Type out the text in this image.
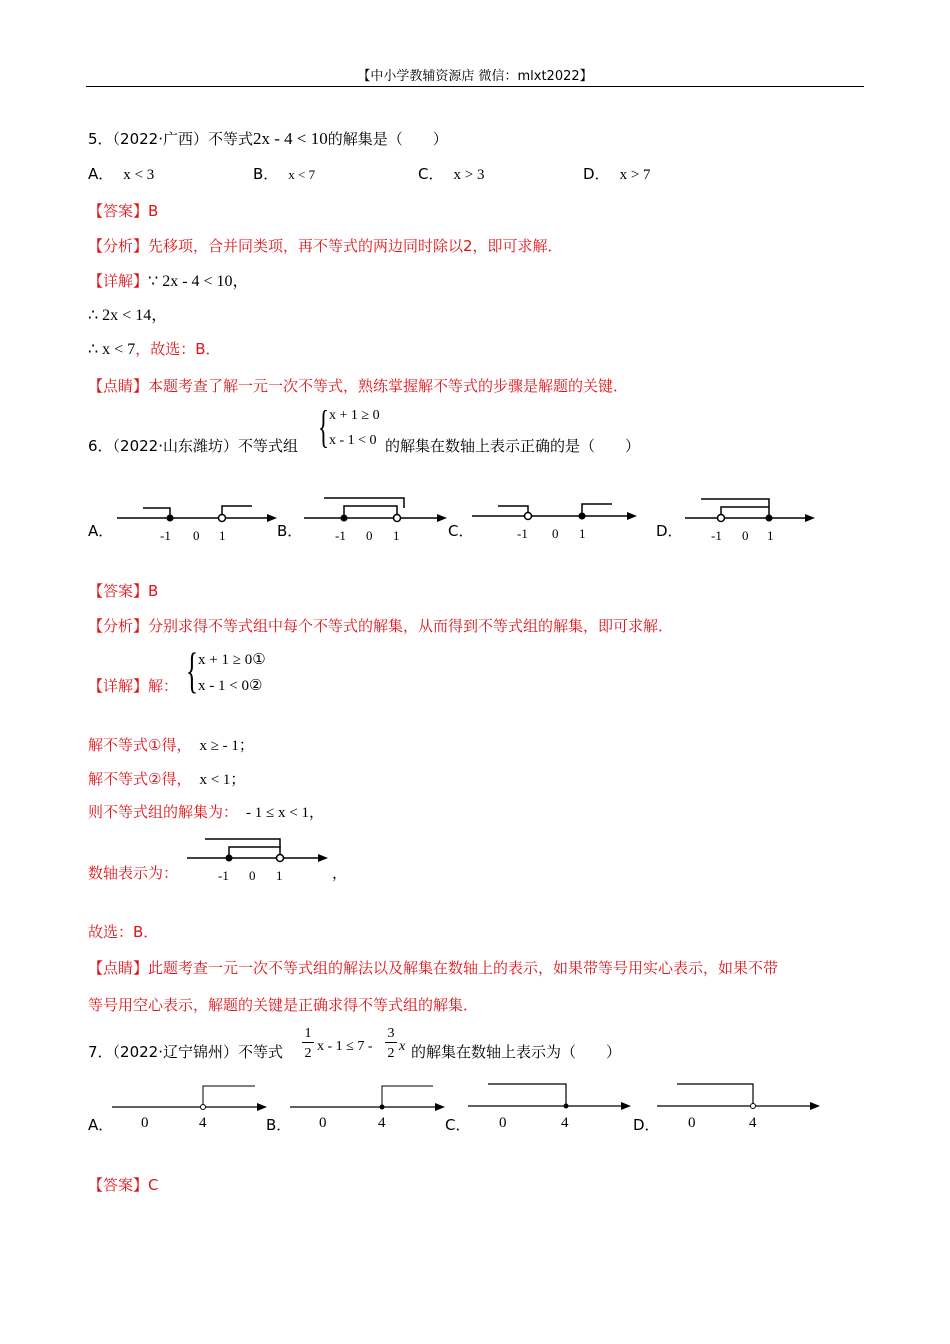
【中小学教辅资源店 微信：mlxt2022】
5．（2022·广西）不等式2x - 4 < 10的解集是（　　）
A． x < 3	B． x < 7	C． x > 3	D． x > 7
【答案】B
【分析】先移项，合并同类项，再不等式的两边同时除以2，即可求解．
【详解】∵ 2x - 4 < 10，
∴ 2x < 14，
∴ x < 7，故选：B．
【点睛】本题考查了解一元一次不等式，熟练掌握解不等式的步骤是解题的关键．
6．（2022·山东潍坊）不等式组 { x + 1 ≥ 0
x - 1 < 0 的解集在数轴上表示正确的是（　　）
A．	-1 0 1	B．	-1 0 1	C．	-1 0 1	D． -1 0 1
【答案】B
【分析】分别求得不等式组中每个不等式的解集，从而得到不等式组的解集，即可求解．
【详解】解： { x + 1 ≥ 0①
x - 1 < 0②
解不等式①得， x ≥ - 1；
解不等式②得， x < 1；
则不等式组的解集为： - 1 ≤ x < 1，
数轴表示为：	-1 0 1	，
故选：B．
【点睛】此题考查一元一次不等式组的解法以及解集在数轴上的表示，如果带等号用实心表示，如果不带
等号用空心表示，解题的关键是正确求得不等式组的解集．
7．（2022·辽宁锦州）不等式
1
2 x - 1 ≤ 7 -
3
2 x 的解集在数轴上表示为（　　）
A． 0	4	B． 0	4	C． 0	4	D． 0	4
【答案】C
